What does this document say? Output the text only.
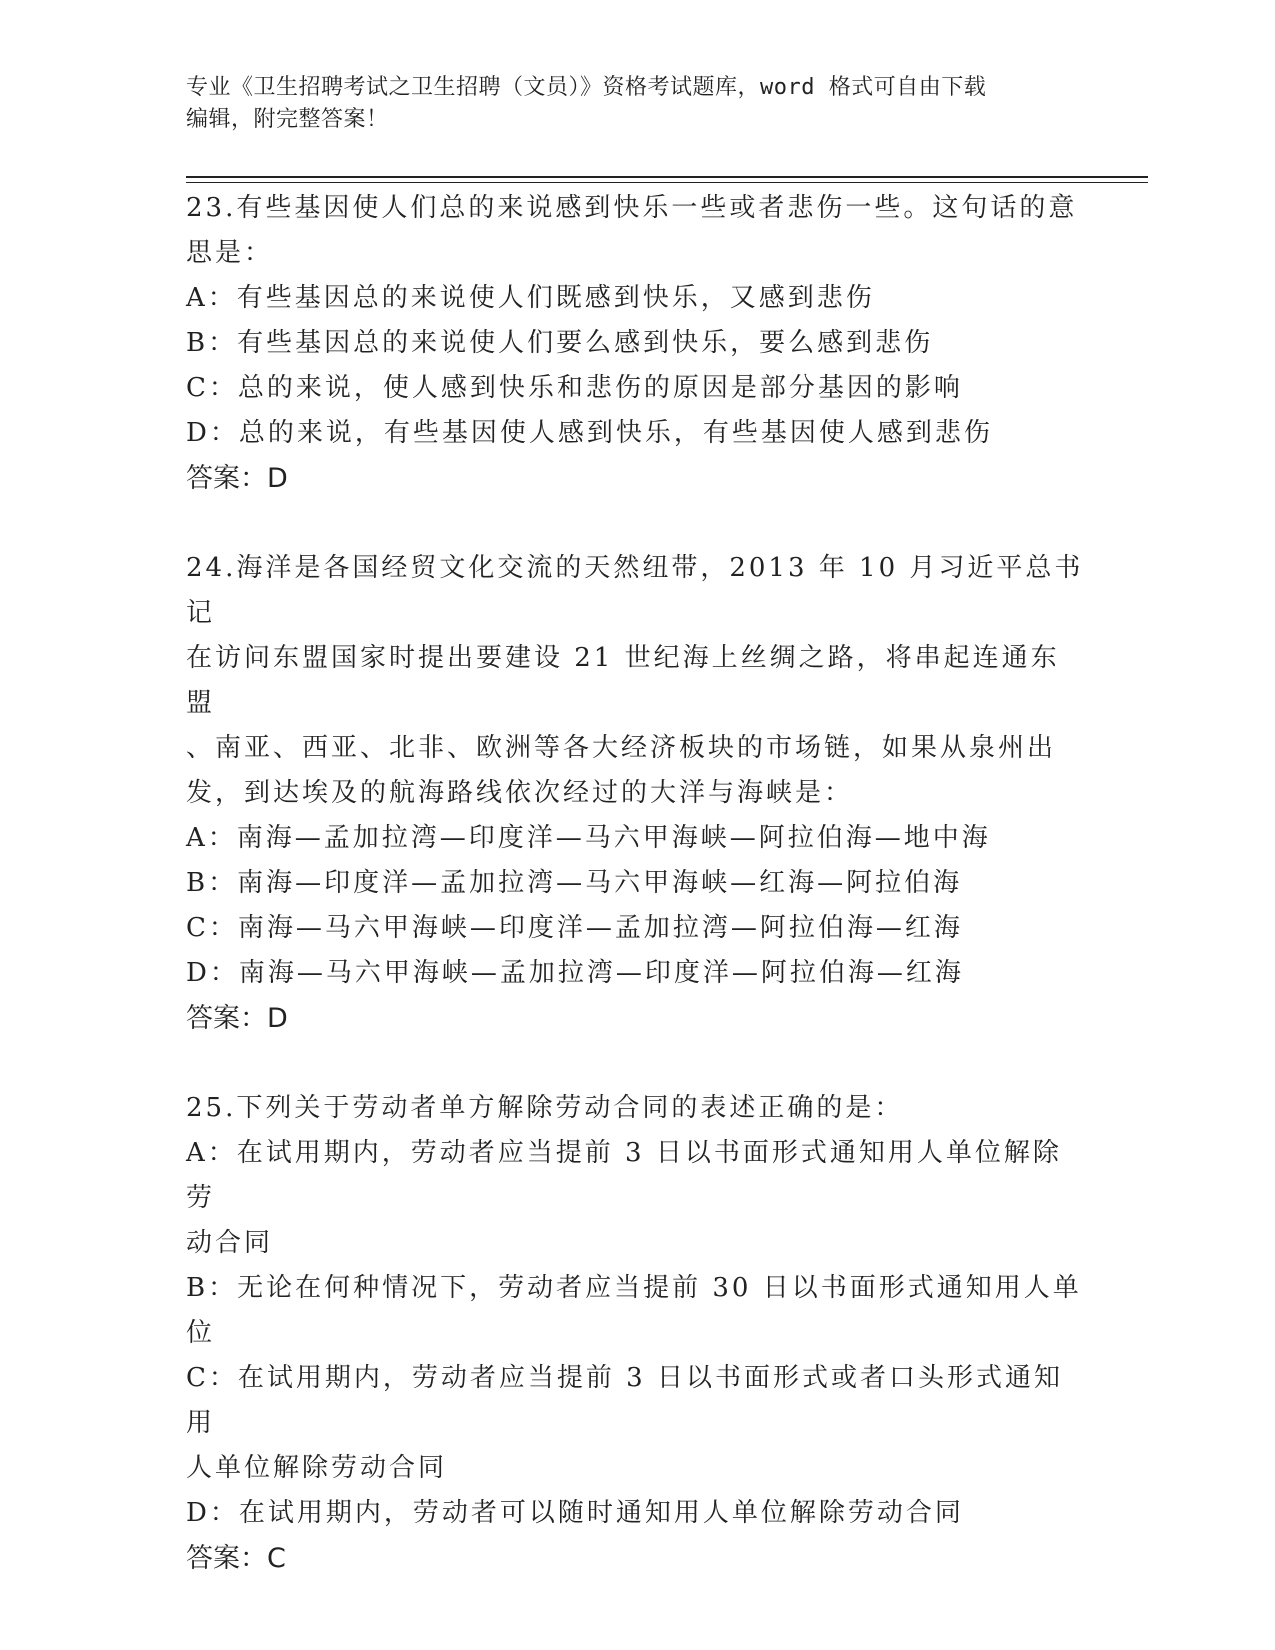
专业《卫生招聘考试之卫生招聘（文员）》资格考试题库，word 格式可自由下载
编辑，附完整答案！

23.有些基因使人们总的来说感到快乐一些或者悲伤一些。这句话的意

思是：

A：有些基因总的来说使人们既感到快乐，又感到悲伤

B：有些基因总的来说使人们要么感到快乐，要么感到悲伤

C：总的来说，使人感到快乐和悲伤的原因是部分基因的影响

D：总的来说，有些基因使人感到快乐，有些基因使人感到悲伤

答案：D

24.海洋是各国经贸文化交流的天然纽带，2013 年 10 月习近平总书记

在访问东盟国家时提出要建设 21 世纪海上丝绸之路，将串起连通东盟

、南亚、西亚、北非、欧洲等各大经济板块的市场链，如果从泉州出

发，到达埃及的航海路线依次经过的大洋与海峡是：

A：南海—孟加拉湾—印度洋—马六甲海峡—阿拉伯海—地中海

B：南海—印度洋—孟加拉湾—马六甲海峡—红海—阿拉伯海

C：南海—马六甲海峡—印度洋—孟加拉湾—阿拉伯海—红海

D：南海—马六甲海峡—孟加拉湾—印度洋—阿拉伯海—红海

答案：D

25.下列关于劳动者单方解除劳动合同的表述正确的是：

A：在试用期内，劳动者应当提前 3 日以书面形式通知用人单位解除劳

动合同

B：无论在何种情况下，劳动者应当提前 30 日以书面形式通知用人单

位

C：在试用期内，劳动者应当提前 3 日以书面形式或者口头形式通知用

人单位解除劳动合同

D：在试用期内，劳动者可以随时通知用人单位解除劳动合同

答案：C
